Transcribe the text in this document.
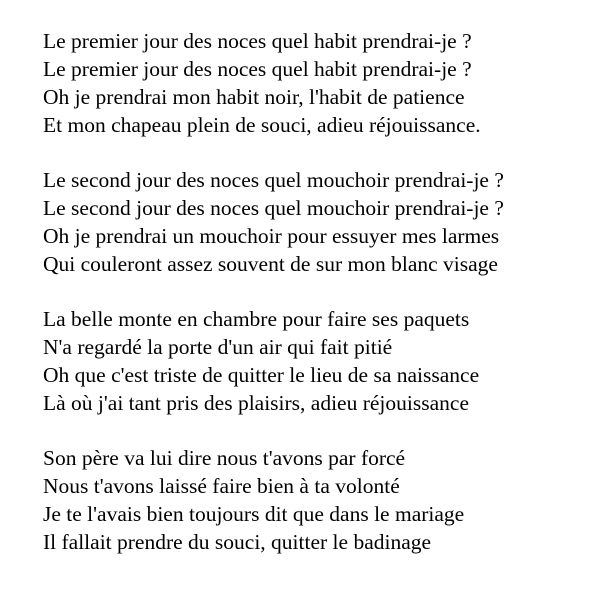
Le premier jour des noces quel habit prendrai-je ?
Le premier jour des noces quel habit prendrai-je ?
Oh je prendrai mon habit noir, l'habit de patience
Et mon chapeau plein de souci, adieu réjouissance.
Le second jour des noces quel mouchoir prendrai-je ?
Le second jour des noces quel mouchoir prendrai-je ?
Oh je prendrai un mouchoir pour essuyer mes larmes
Qui couleront assez souvent de sur mon blanc visage
La belle monte en chambre pour faire ses paquets
N'a regardé la porte d'un air qui fait pitié
Oh que c'est triste de quitter le lieu de sa naissance
Là où j'ai tant pris des plaisirs, adieu réjouissance
Son père va lui dire nous t'avons par forcé
Nous t'avons laissé faire bien à ta volonté
Je te l'avais bien toujours dit que dans le mariage
Il fallait prendre du souci, quitter le badinage
